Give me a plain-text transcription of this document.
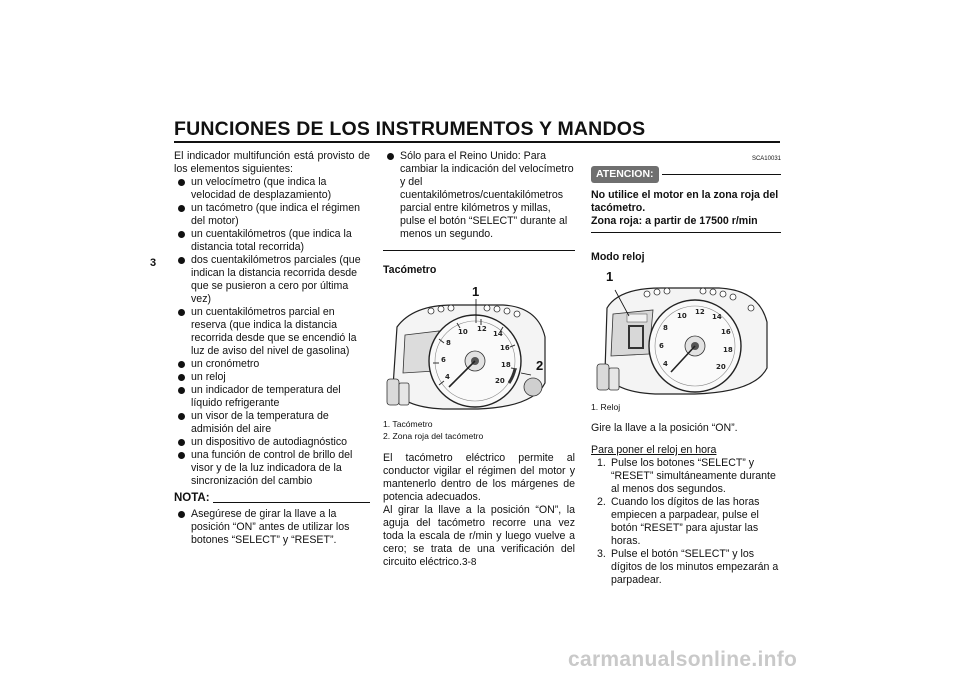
FUNCIONES DE LOS INSTRUMENTOS Y MANDOS
3

El indicador multifunción está provisto de los elementos siguientes:

un velocímetro (que indica la velocidad de desplazamiento)
un tacómetro (que indica el régimen del motor)
un cuentakilómetros (que indica la distancia total recorrida)
dos cuentakilómetros parciales (que indican la distancia recorrida desde que se pusieron a cero por última vez)
un cuentakilómetros parcial en reserva (que indica la distancia recorrida desde que se encendió la luz de aviso del nivel de gasolina)
un cronómetro
un reloj
un indicador de temperatura del líquido refrigerante
un visor de la temperatura de admisión del aire
un dispositivo de autodiagnóstico
una función de control de brillo del visor y de la luz indicadora de la sincronización del cambio
NOTA:
Asegúrese de girar la llave a la posición “ON” antes de utilizar los botones “SELECT” y “RESET”.
Sólo para el Reino Unido: Para cambiar la indicación del velocímetro y del cuentakilómetros/cuentakilómetros parcial entre kilómetros y millas, pulse el botón “SELECT” durante al menos un segundo.
Tacómetro
4
6
8
10 12
14
16
18
20
1
2
1. Tacómetro
2. Zona roja del tacómetro

El tacómetro eléctrico permite al conductor vigilar el régimen del motor y mantenerlo dentro de los márgenes de potencia adecuados.

Al girar la llave a la posición “ON”, la aguja del tacómetro recorre una vez toda la escala de r/min y luego vuelve a cero; se trata de una verificación del circuito eléctrico.

SCA10031
ATENCION:
No utilice el motor en la zona roja del tacómetro.
Zona roja: a partir de 17500 r/min
Modo reloj
4
6
8
10 12
14
16
18
20
1
1. Reloj

Gire la llave a la posición “ON”.

Para poner el reloj en hora

1. Pulse los botones “SELECT” y “RESET” simultáneamente durante al menos dos segundos.
2. Cuando los dígitos de las horas empiecen a parpadear, pulse el botón “RESET” para ajustar las horas.
3. Pulse el botón “SELECT” y los dígitos de los minutos empezarán a parpadear.
3-8
carmanualsonline.info
